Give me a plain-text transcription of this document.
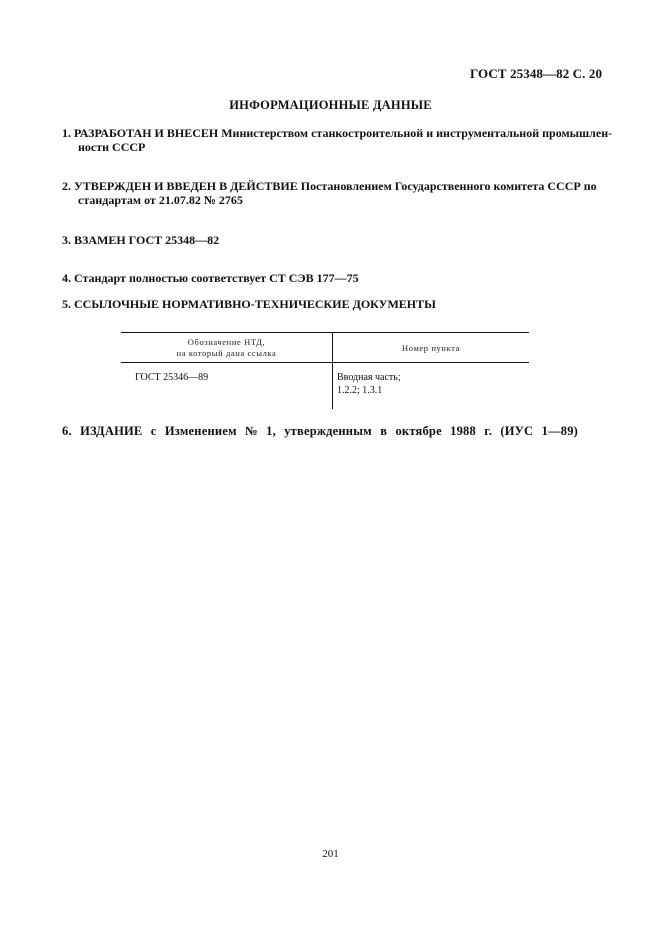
ГОСТ 25348—82 С. 20
ИНФОРМАЦИОННЫЕ ДАННЫЕ
1. РАЗРАБОТАН И ВНЕСЕН Министерством станкостроительной и инструментальной промышлен-
ности СССР
2. УТВЕРЖДЕН И ВВЕДЕН В ДЕЙСТВИЕ Постановлением Государственного комитета СССР по
стандартам от 21.07.82 № 2765
3. ВЗАМЕН ГОСТ 25348—82
4. Стандарт полностью соответствует СТ СЭВ 177—75
5. ССЫЛОЧНЫЕ НОРМАТИВНО-ТЕХНИЧЕСКИЕ ДОКУМЕНТЫ
Обозначение НТД,
на который дана ссылка	Номер пункта
ГОСТ 25346—89	Вводная часть;
1.2.2; 1.3.1
6. ИЗДАНИЕ с Изменением № 1, утвержденным в октябре 1988 г. (ИУС 1—89)
201
